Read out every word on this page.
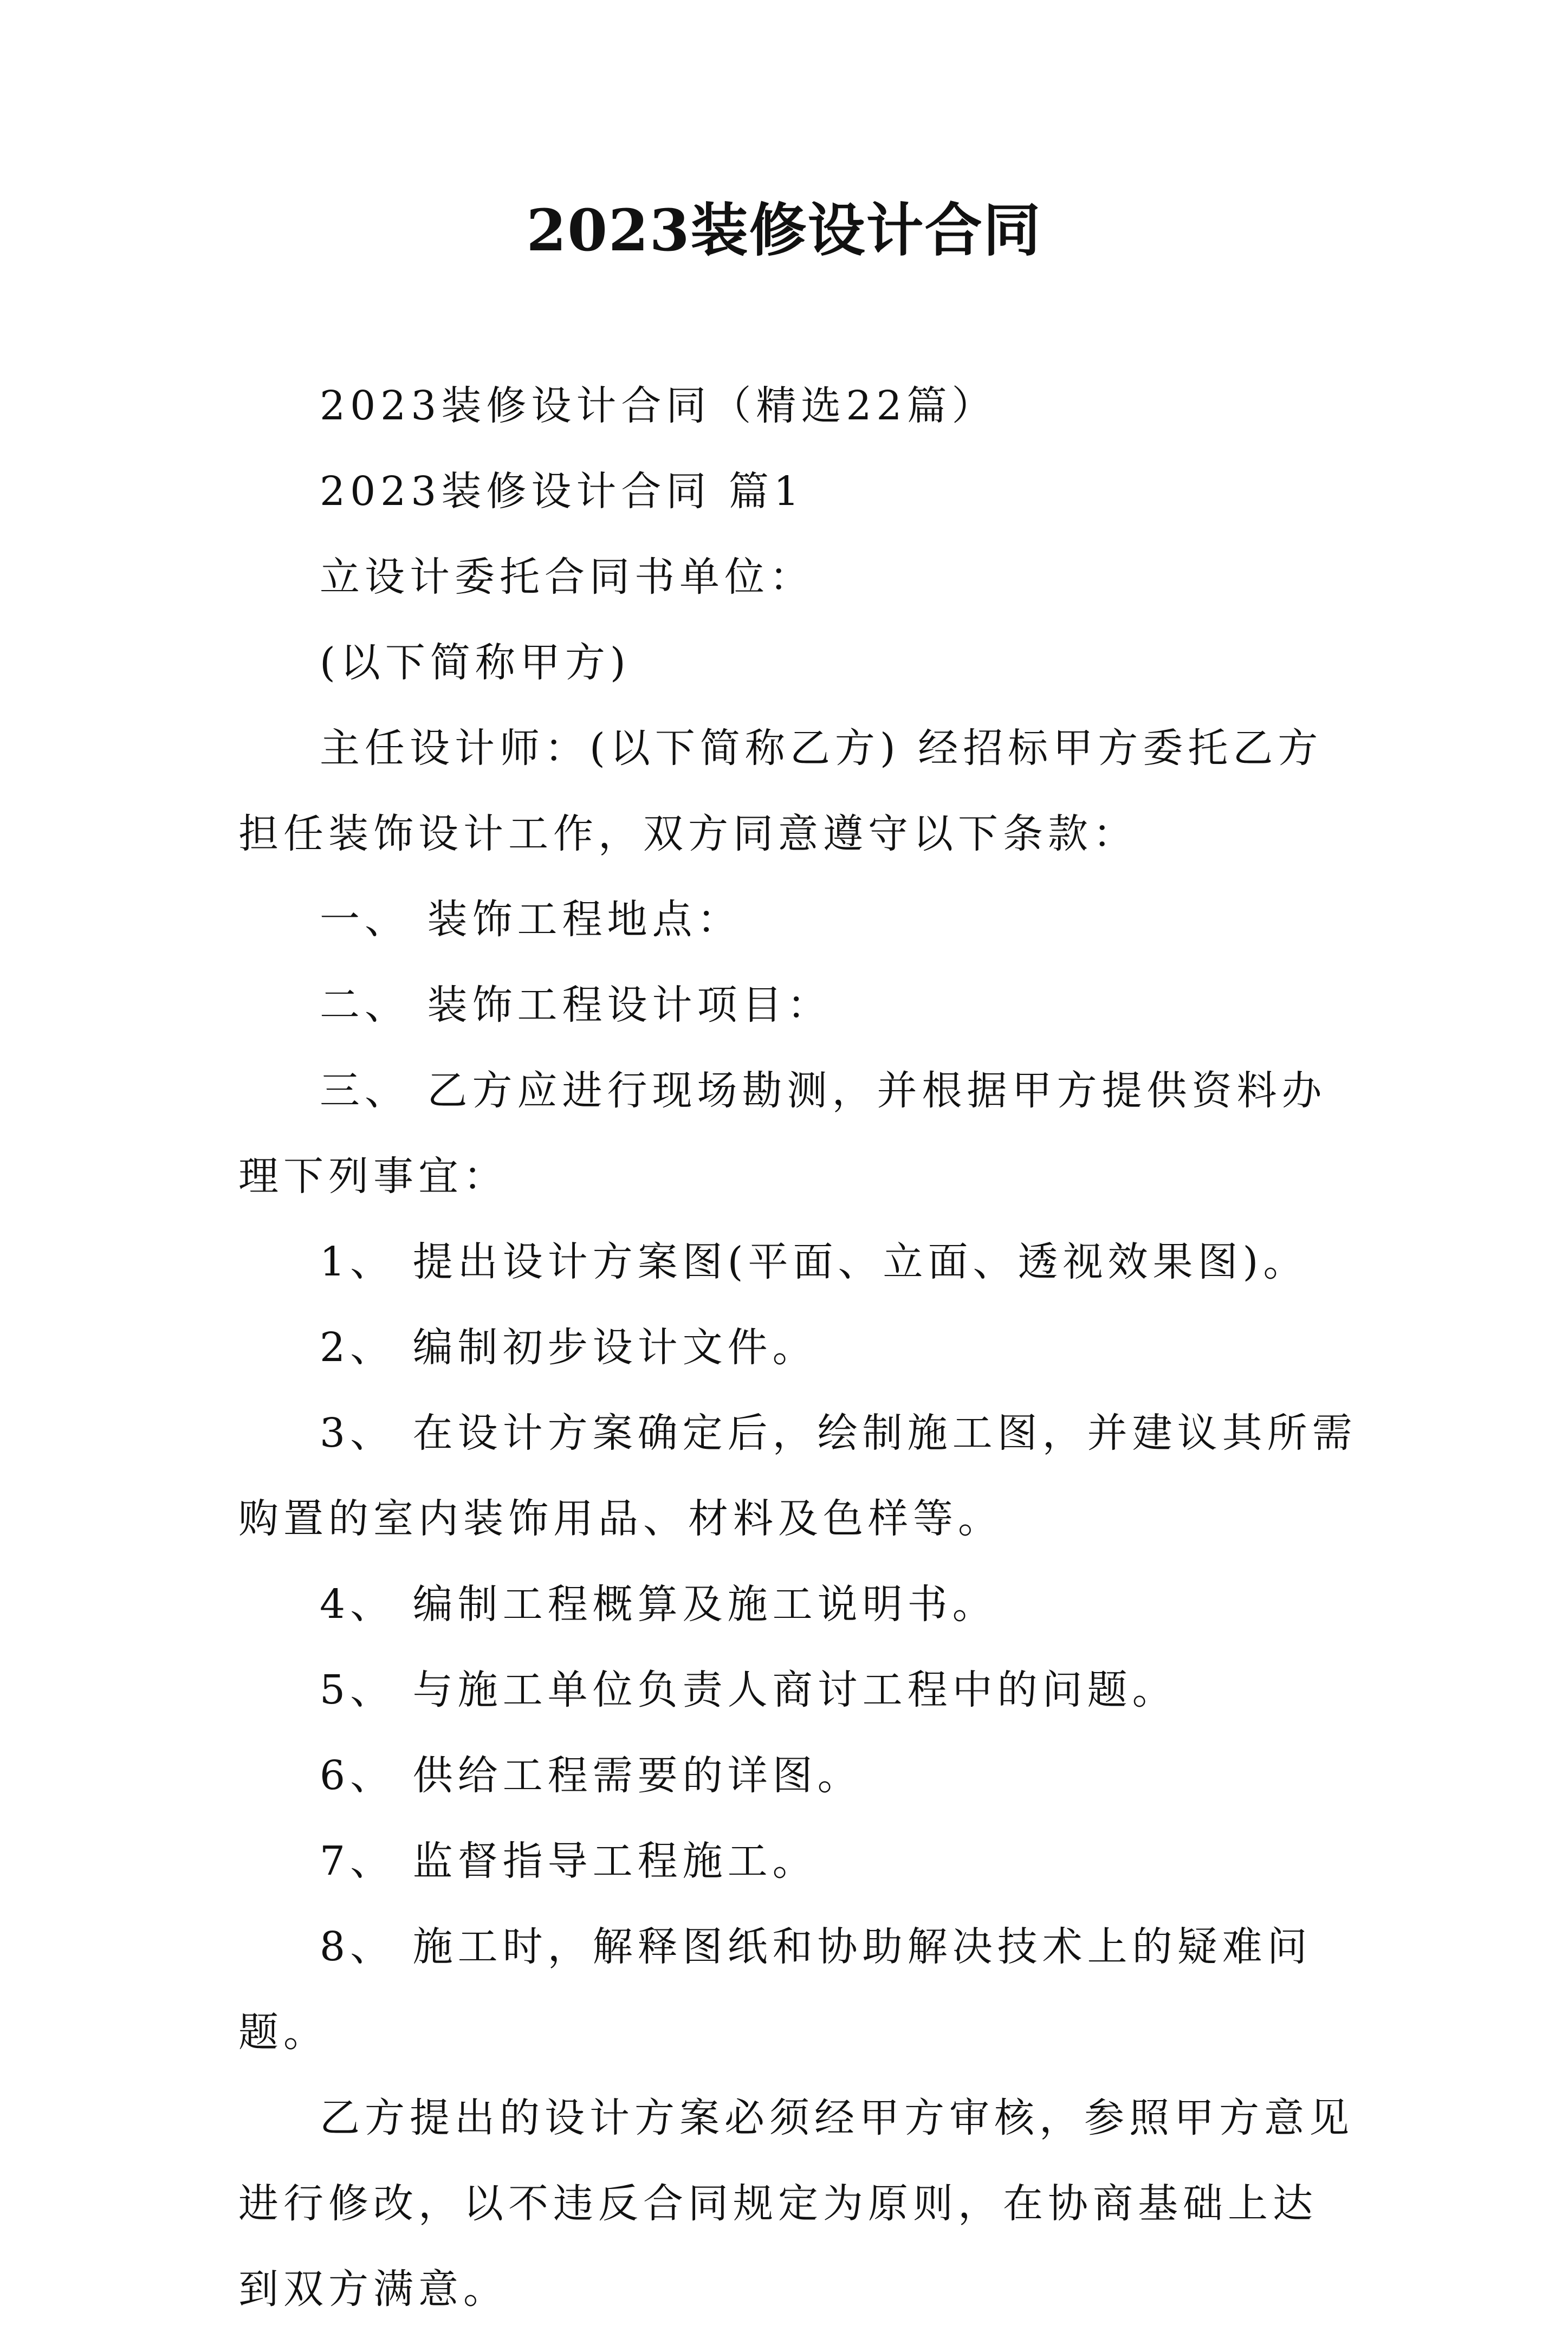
2023装修设计合同

2023装修设计合同（精选22篇）

2023装修设计合同 篇1

立设计委托合同书单位：

(以下简称甲方)

主任设计师：(以下简称乙方) 经招标甲方委托乙方担任装饰设计工作，双方同意遵守以下条款：

一、 装饰工程地点：

二、 装饰工程设计项目：

三、 乙方应进行现场勘测，并根据甲方提供资料办理下列事宜：

1、 提出设计方案图(平面、立面、透视效果图)。

2、 编制初步设计文件。

3、 在设计方案确定后，绘制施工图，并建议其所需购置的室内装饰用品、材料及色样等。

4、 编制工程概算及施工说明书。

5、 与施工单位负责人商讨工程中的问题。

6、 供给工程需要的详图。

7、 监督指导工程施工。

8、 施工时，解释图纸和协助解决技术上的疑难问题。

乙方提出的设计方案必须经甲方审核，参照甲方意见进行修改，以不违反合同规定为原则，在协商基础上达到双方满意。
